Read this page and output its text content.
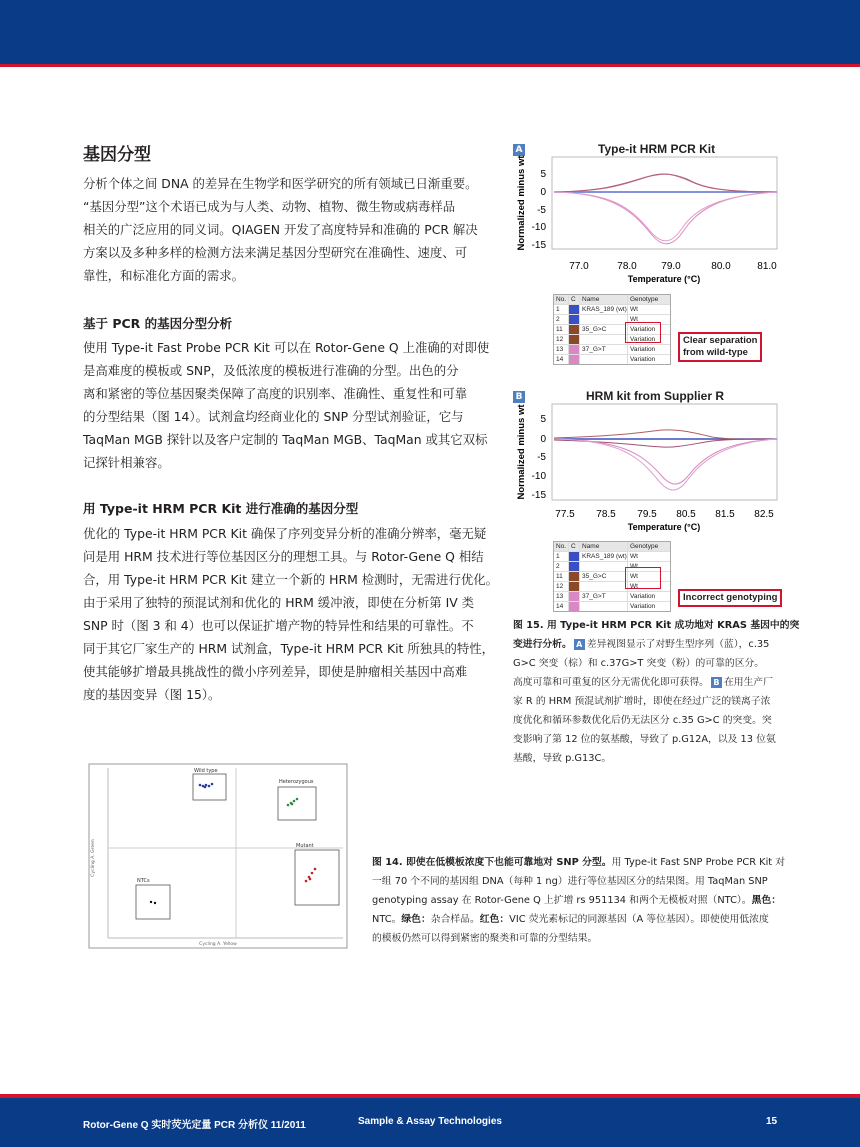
基因分型
分析个体之间 DNA 的差异在生物学和医学研究的所有领域已日渐重要。
“基因分型”这个术语已成为与人类、动物、植物、微生物或病毒样品
相关的广泛应用的同义词。QIAGEN 开发了高度特异和准确的 PCR 解决
方案以及多种多样的检测方法来满足基因分型研究在准确性、速度、可
靠性，和标准化方面的需求。
基于 PCR 的基因分型分析
使用 Type-it Fast Probe PCR Kit 可以在 Rotor-Gene Q 上准确的对即使
是高难度的模板或 SNP，及低浓度的模板进行准确的分型。出色的分
离和紧密的等位基因聚类保障了高度的识别率、准确性、重复性和可靠
的分型结果（图 14）。试剂盒均经商业化的 SNP 分型试剂验证，它与
TaqMan MGB 探针以及客户定制的 TaqMan MGB、TaqMan 或其它双标
记探针相兼容。
用 Type-it HRM PCR Kit 进行准确的基因分型
优化的 Type-it HRM PCR Kit 确保了序列变异分析的准确分辨率，毫无疑
问是用 HRM 技术进行等位基因区分的理想工具。与 Rotor-Gene Q 相结
合，用 Type-it HRM PCR Kit 建立一个新的 HRM 检测时，无需进行优化。
由于采用了独特的预混试剂和优化的 HRM 缓冲液，即使在分析第 IV 类
SNP 时（图 3 和 4）也可以保证扩增产物的特异性和结果的可靠性。不
同于其它厂家生产的 HRM 试剂盒，Type-it HRM PCR Kit 所独具的特性，
使其能够扩增最具挑战性的微小序列差异，即使是肿瘤相关基因中高难
度的基因变异（图 15）。
A	Type-it HRM PCR Kit
Normalized minus wt 5
0
-5
-10
-15
77.0	78.0 79.0	80.0	81.0
Temperature (°C)
No. C Name	Genotype
1	KRAS_189 (wt) Wt
2	Wt
11	35_G>C	Variation
12	Variation
13	37_G>T	Variation
14	Variation
Clear separation
from wild-type
B	HRM kit from Supplier R
Normalized minus wt 5
0
-5
-10
-15
77.5 78.5 79.5 80.5 81.5 82.5
Temperature (°C)
No. C Name	Genotype
1	KRAS_189 (wt) Wt
2	Wt
11	35_G>C	Wt
12	Wt
13	37_G>T	Variation
14	Variation
Incorrect genotyping
图 15. 用 Type-it HRM PCR Kit 成功地对 KRAS 基因中的突
变进行分析。 A 差异视图显示了对野生型序列（蓝），c.35
G>C 突变（棕）和 c.37G>T 突变（粉）的可靠的区分。
高度可靠和可重复的区分无需优化即可获得。 B 在用生产厂
家 R 的 HRM 预混试剂扩增时，即使在经过广泛的镁离子浓
度优化和循环参数优化后仍无法区分 c.35 G>C 的突变。突
变影响了第 12 位的氨基酸，导致了 p.G12A，以及 13 位氨
基酸，导致 p.G13C。
Cycling A. Green
Cycling A. Yellow
Wild type
Heterozygous
Mutant
NTCs
图 14. 即使在低模板浓度下也能可靠地对 SNP 分型。用 Type-it Fast SNP Probe PCR Kit 对
一组 70 个不同的基因组 DNA（每种 1 ng）进行等位基因区分的结果图。用 TaqMan SNP
genotyping assay 在 Rotor-Gene Q 上扩增 rs 951134 和两个无模板对照（NTC）。黑色：
NTC。绿色：杂合样品。红色：VIC 荧光素标记的同源基因（A 等位基因）。即使使用低浓度
的模板仍然可以得到紧密的聚类和可靠的分型结果。
Rotor-Gene Q 实时荧光定量 PCR 分析仪 11/2011	Sample & Assay Technologies	15
